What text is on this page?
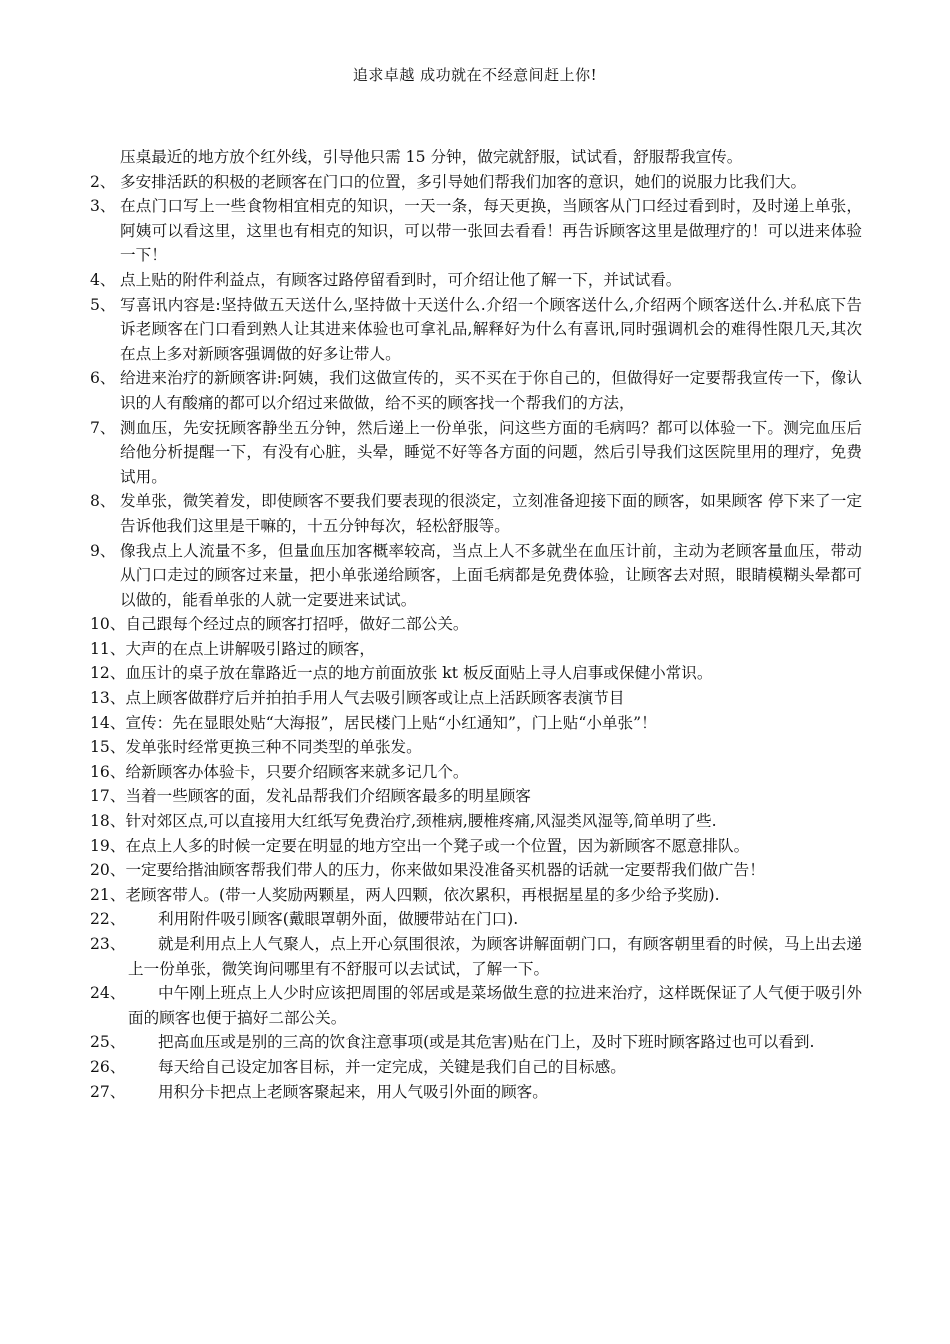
追求卓越 成功就在不经意间赶上你!
压桌最近的地方放个红外线，引导他只需 15 分钟，做完就舒服，试试看，舒服帮我宣传。
2、 多安排活跃的积极的老顾客在门口的位置，多引导她们帮我们加客的意识，她们的说服力比我们大。
3、 在点门口写上一些食物相宜相克的知识，一天一条，每天更换，当顾客从门口经过看到时，及时递上单张，阿姨可以看这里，这里也有相克的知识，可以带一张回去看看！再告诉顾客这里是做理疗的！可以进来体验一下！
4、 点上贴的附件利益点，有顾客过路停留看到时，可介绍让他了解一下，并试试看。
5、 写喜讯内容是:坚持做五天送什么,坚持做十天送什么.介绍一个顾客送什么,介绍两个顾客送什么.并私底下告诉老顾客在门口看到熟人让其进来体验也可拿礼品,解释好为什么有喜讯,同时强调机会的难得性限几天,其次在点上多对新顾客强调做的好多让带人。
6、 给进来治疗的新顾客讲:阿姨，我们这做宣传的，买不买在于你自己的，但做得好一定要帮我宣传一下，像认识的人有酸痛的都可以介绍过来做做，给不买的顾客找一个帮我们的方法，
7、 测血压，先安抚顾客静坐五分钟，然后递上一份单张，问这些方面的毛病吗？都可以体验一下。测完血压后给他分析提醒一下，有没有心脏，头晕，睡觉不好等各方面的问题，然后引导我们这医院里用的理疗，免费试用。
8、 发单张，微笑着发，即使顾客不要我们要表现的很淡定，立刻准备迎接下面的顾客，如果顾客 停下来了一定告诉他我们这里是干嘛的，十五分钟每次，轻松舒服等。
9、 像我点上人流量不多，但量血压加客概率较高，当点上人不多就坐在血压计前，主动为老顾客量血压，带动从门口走过的顾客过来量，把小单张递给顾客，上面毛病都是免费体验，让顾客去对照，眼睛模糊头晕都可以做的，能看单张的人就一定要进来试试。
10、自己跟每个经过点的顾客打招呼，做好二部公关。
11、大声的在点上讲解吸引路过的顾客，
12、血压计的桌子放在靠路近一点的地方前面放张 kt 板反面贴上寻人启事或保健小常识。
13、点上顾客做群疗后并拍拍手用人气去吸引顾客或让点上活跃顾客表演节目
14、宣传：先在显眼处贴“大海报”，居民楼门上贴“小红通知”，门上贴“小单张”！
15、发单张时经常更换三种不同类型的单张发。
16、给新顾客办体验卡，只要介绍顾客来就多记几个。
17、当着一些顾客的面，发礼品帮我们介绍顾客最多的明星顾客
18、针对郊区点,可以直接用大红纸写免费治疗,颈椎病,腰椎疼痛,风湿类风湿等,简单明了些.
19、在点上人多的时候一定要在明显的地方空出一个凳子或一个位置，因为新顾客不愿意排队。
20、一定要给揩油顾客帮我们带人的压力，你来做如果没准备买机器的话就一定要帮我们做广告！
21、老顾客带人。(带一人奖励两颗星，两人四颗，依次累积，再根据星星的多少给予奖励).
22、	利用附件吸引顾客(戴眼罩朝外面，做腰带站在门口).
23、	就是利用点上人气聚人，点上开心氛围很浓，为顾客讲解面朝门口，有顾客朝里看的时候，马上出去递上一份单张，微笑询问哪里有不舒服可以去试试，了解一下。
24、	中午刚上班点上人少时应该把周围的邻居或是菜场做生意的拉进来治疗，这样既保证了人气便于吸引外面的顾客也便于搞好二部公关。
25、	把高血压或是别的三高的饮食注意事项(或是其危害)贴在门上，及时下班时顾客路过也可以看到.
26、	每天给自己设定加客目标，并一定完成，关键是我们自己的目标感。
27、	用积分卡把点上老顾客聚起来，用人气吸引外面的顾客。
